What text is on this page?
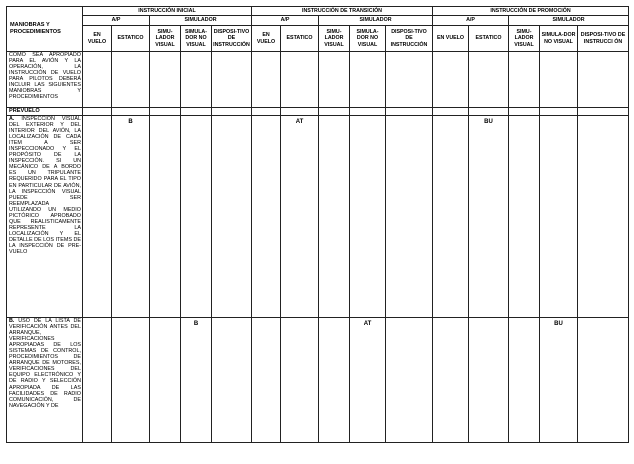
MANIOBRAS Y PROCEDIMIENTOS	INSTRUCCIÓN INICIAL					INSTRUCCIÓN DE TRANSICIÓN					INSTRUCCIÓN DE PROMOCIÓN				
	A/P		SIMULADOR			A/P		SIMULADOR			A/P		SIMULADOR		
	EN VUELO	ESTATICO	SIMU-LADOR VISUAL	SIMULA-DOR NO VISUAL	DISPOSI-TIVO DE INSTRUCCIÓN	EN VUELO	ESTATICO	SIMU-LADOR VISUAL	SIMULA-DOR NO VISUAL	DISPOSI-TIVO DE INSTRUCCIÓN	EN VUELO	ESTATICO	SIMU-LADOR VISUAL	SIMULA-DOR NO VISUAL	DISPOSI-TIVO DE INSTRUCCI ÓN
COMO SEA APROPIADO PARA EL AVIÓN Y LA OPERACIÓN, LA INSTRUCCIÓN DE VUELO PARA PILOTOS DEBERÁ INCLUIR LAS SIGUIENTES MANIOBRAS Y PROCEDIMIENTOS															
PREVUELO															
A. INSPECCIÓN VISUAL DEL EXTERIOR Y DEL INTERIOR DEL AVIÓN, LA LOCALIZACIÓN DE CADA ITEM A SER INSPECCIONADO Y EL PROPÓSITO DE LA INSPECCIÓN. SI UN MECÁNICO DE A BORDO ES UN TRIPULANTE REQUERIDO PARA EL TIPO EN PARTICULAR DE AVIÓN, LA INSPECCIÓN VISUAL PUEDE SER REEMPLAZADA UTILIZANDO UN MEDIO PICTÓRICO APROBADO QUE REALISTICAMENTE REPRESENTE LA LOCALIZACIÓN Y EL DETALLE DE LOS ITEMS DE LA INSPECCIÓN DE PRE-VUELO		B					AT					BU			
B. USO DE LA LISTA DE VERIFICACIÓN ANTES DEL ARRANQUE, VERIFICACIONES APROPIADAS DE LOS SISTEMAS DE CONTROL, PROCEDIMIENTOS DE ARRANQUE DE MOTORES, VERIFICACIONES DEL EQUIPO ELECTRÓNICO Y DE RADIO Y SELECCIÓN APROPIADA DE LAS FACILIDADES DE RADIO COMUNICACIÓN, DE NAVEGACIÓN Y DE				B					AT					BU	
